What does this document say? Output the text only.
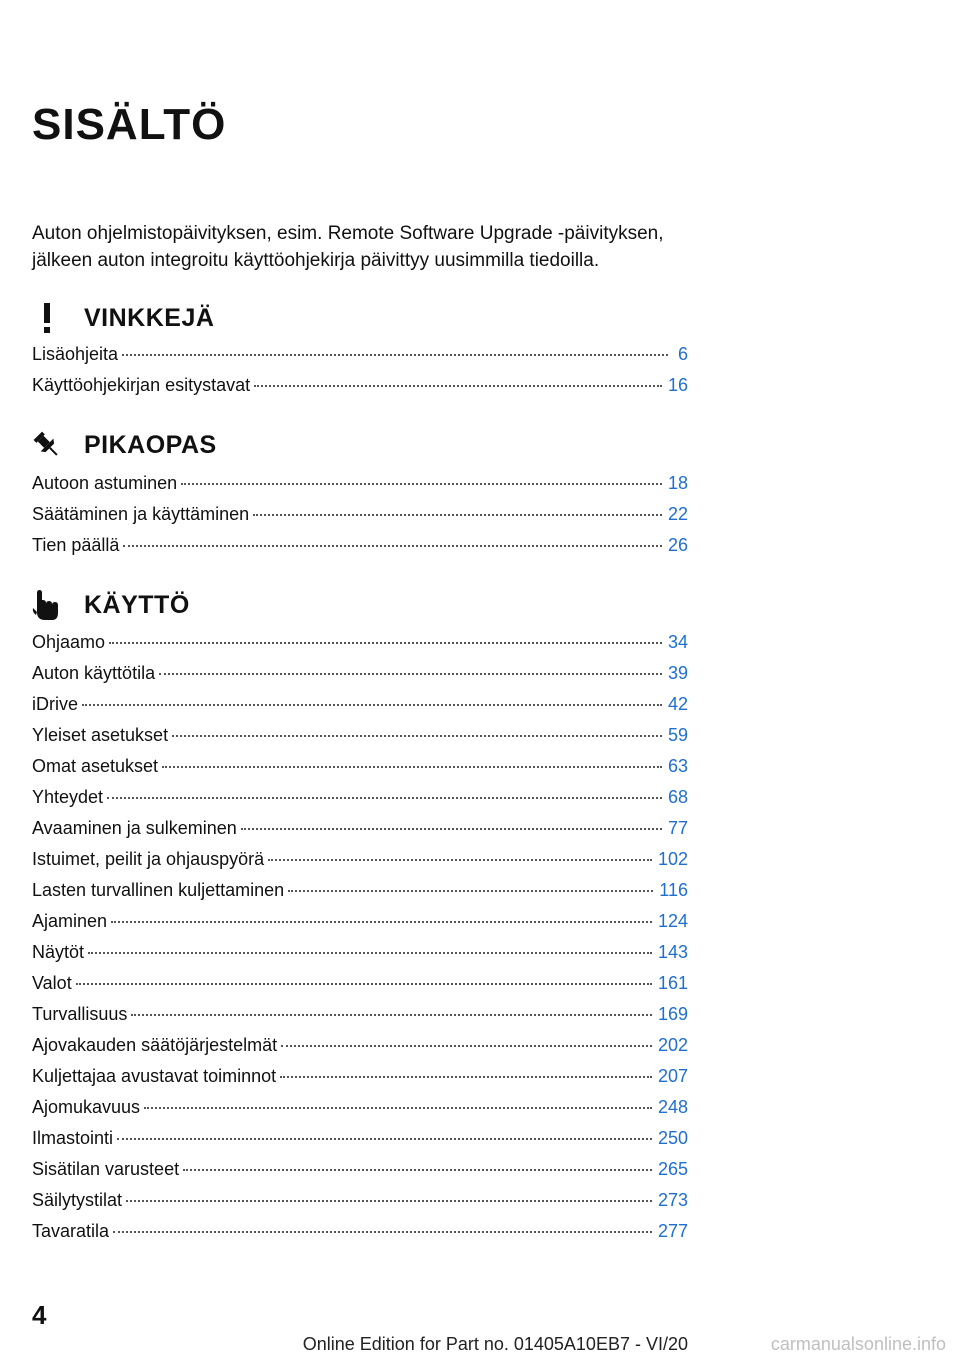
SISÄLTÖ

Auton ohjelmistopäivityksen, esim. Remote Software Upgrade -päivityksen, jälkeen auton integroitu käyttöohjekirja päivittyy uusimmilla tiedoilla.

VINKKEJÄ
Lisäohjeita	6
Käyttöohjekirjan esitystavat	16
PIKAOPAS
Autoon astuminen	18
Säätäminen ja käyttäminen	22
Tien päällä	26
KÄYTTÖ
Ohjaamo	34
Auton käyttötila	39
iDrive	42
Yleiset asetukset	59
Omat asetukset	63
Yhteydet	68
Avaaminen ja sulkeminen	77
Istuimet, peilit ja ohjauspyörä	102
Lasten turvallinen kuljettaminen	116
Ajaminen	124
Näytöt	143
Valot	161
Turvallisuus	169
Ajovakauden säätöjärjestelmät	202
Kuljettajaa avustavat toiminnot	207
Ajomukavuus	248
Ilmastointi	250
Sisätilan varusteet	265
Säilytystilat	273
Tavaratila	277
4
Online Edition for Part no. 01405A10EB7 - VI/20	carmanualsonline.info
